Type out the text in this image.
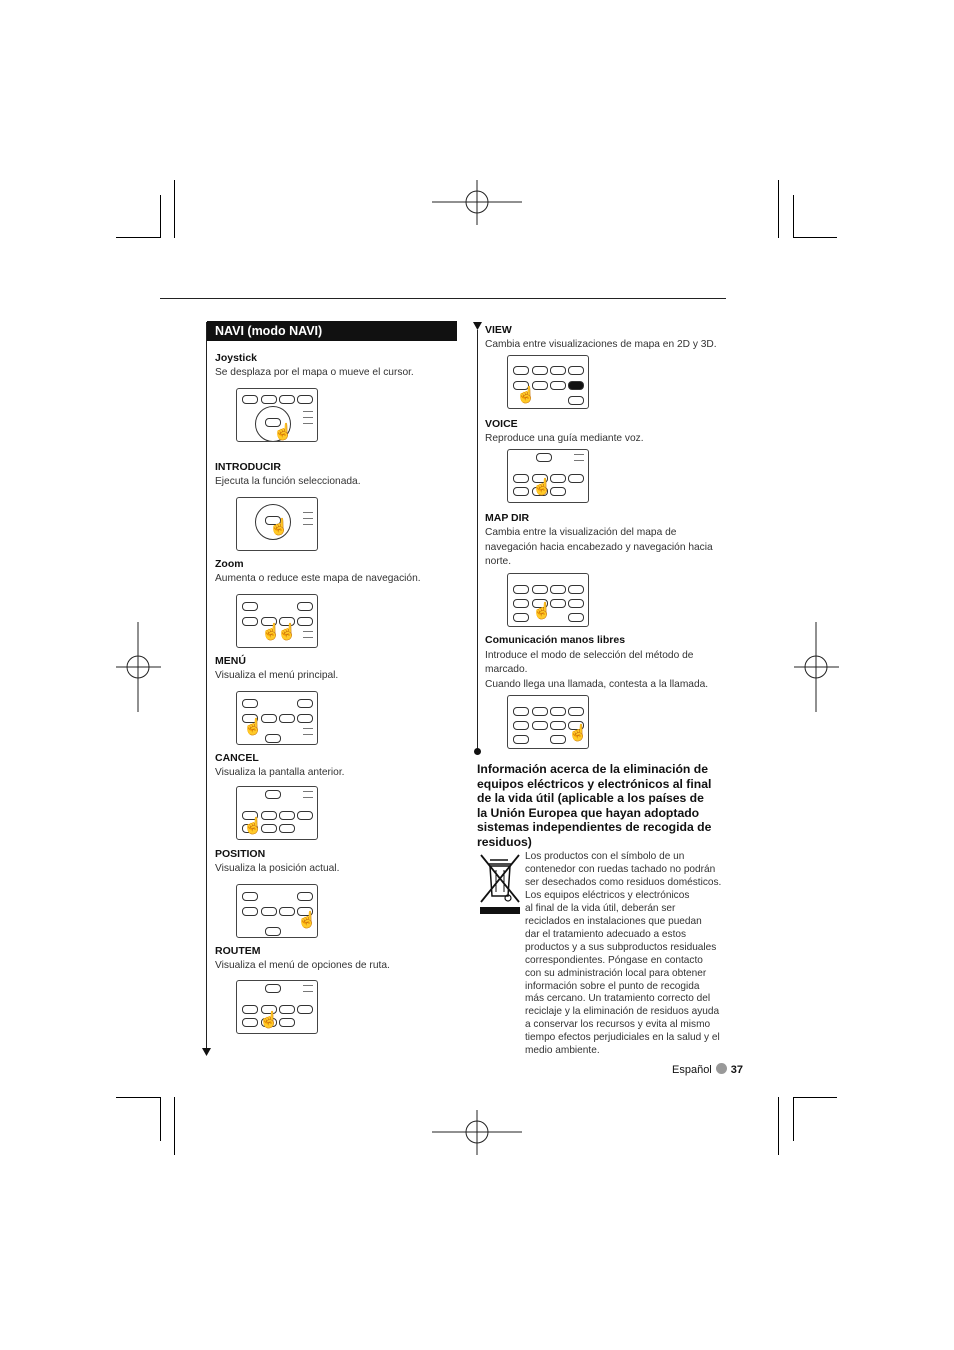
NAVI (modo NAVI)
Joystick
Se desplaza por el mapa o mueve el cursor.
☝
INTRODUCIR
Ejecuta la función seleccionada.
☝
Zoom
Aumenta o reduce este mapa de navegación.
☝
☝
MENÚ
Visualiza el menú principal.
☝
CANCEL
Visualiza la pantalla anterior.
☝
POSITION
Visualiza la posición actual.
☝
ROUTEM
Visualiza el menú de opciones de ruta.
☝
VIEW
Cambia entre visualizaciones de mapa en 2D y 3D.
☝
VOICE
Reproduce una guía mediante voz.
☝
MAP DIR
Cambia entre la visualización del mapa de
navegación hacia encabezado y navegación hacia
norte.
☝
Comunicación manos libres
Introduce el modo de selección del método de
marcado.
Cuando llega una llamada, contesta a la llamada.
☝
Información acerca de la eliminación de
equipos eléctricos y electrónicos al final
de la vida útil (aplicable a los países de
la Unión Europea que hayan adoptado
sistemas independientes de recogida de
residuos)
Los productos con el símbolo de un
contenedor con ruedas tachado no podrán
ser desechados como residuos domésticos.
Los equipos eléctricos y electrónicos
al final de la vida útil, deberán ser
reciclados en instalaciones que puedan
dar el tratamiento adecuado a estos
productos y a sus subproductos residuales
correspondientes. Póngase en contacto
con su administración local para obtener
información sobre el punto de recogida
más cercano. Un tratamiento correcto del
reciclaje y la eliminación de residuos ayuda
a conservar los recursos y evita al mismo
tiempo efectos perjudiciales en la salud y el
medio ambiente.
Español 37
